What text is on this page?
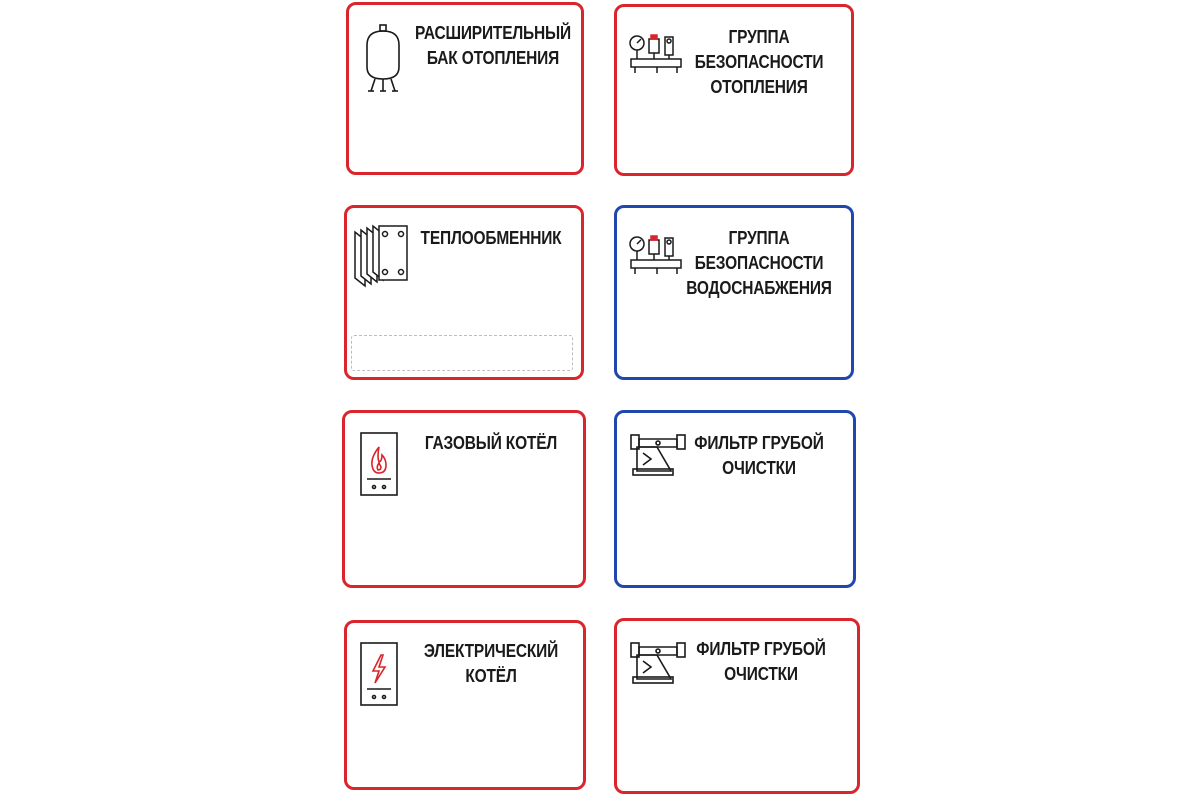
РАСШИРИТЕЛЬНЫЙ
БАК ОТОПЛЕНИЯ
ГРУППА
БЕЗОПАСНОСТИ
ОТОПЛЕНИЯ
ТЕПЛООБМЕННИК	ГРУППА
БЕЗОПАСНОСТИ
ВОДОСНАБЖЕНИЯ
ГАЗОВЫЙ КОТЁЛ	ФИЛЬТР ГРУБОЙ
ОЧИСТКИ
ЭЛЕКТРИЧЕСКИЙ
КОТЁЛ
ФИЛЬТР ГРУБОЙ
ОЧИСТКИ
